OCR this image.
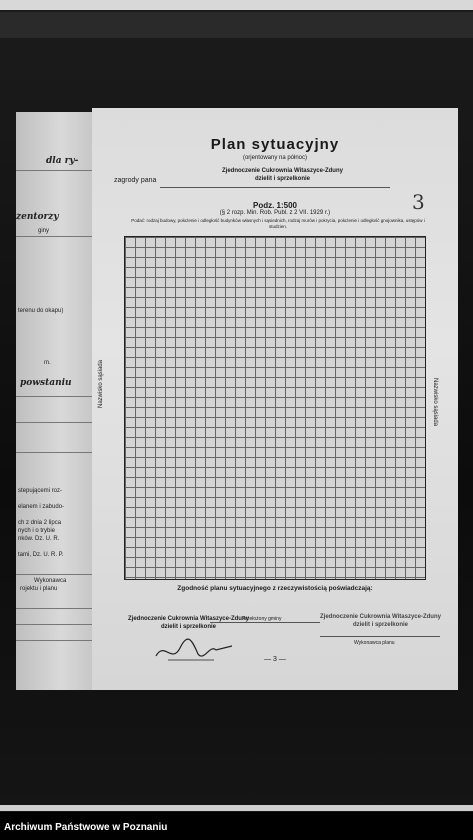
dla ry-
zentorzy
giny
terenu do okapu)
m.
powstaniu
stepującemi roz-
elanem i zabudo-
ch z dnia 2 lipca
nych i o trybie
nków. Dz. U. R.
tami, Dz. U. R. P.
Wykonawca
rojektu i planu
Plan sytuacyjny
(orjentowany na północ)
Zjednoczenie Cukrownia Witaszyce-Zduny
dzielit i sprzelkonie
zagrody pana
3
Podz. 1:500
(§ 2 rozp. Min. Rob. Publ. z 2 VII. 1929 r.)
Podać: rodzaj budowy, położenie i odległość budynków własnych i sąsiednich, rodzaj murów i pokrycia, położenie i odległość gnojownika, ustępów i studzien.
Nazwisko sąsiada	Nazwisko sąsiada
Zgodność planu sytuacyjnego z rzeczywistością poświadczają:
Zjednoczenie Cukrownia Witaszyce-Zduny
dzielit i sprzelkonie
Przełożony gminy	Zjednoczenie Cukrownia Witaszyce-Zduny
dzielit i sprzelkonie
Wykonawca planu
— 3 —
Archiwum Państwowe w Poznaniu
